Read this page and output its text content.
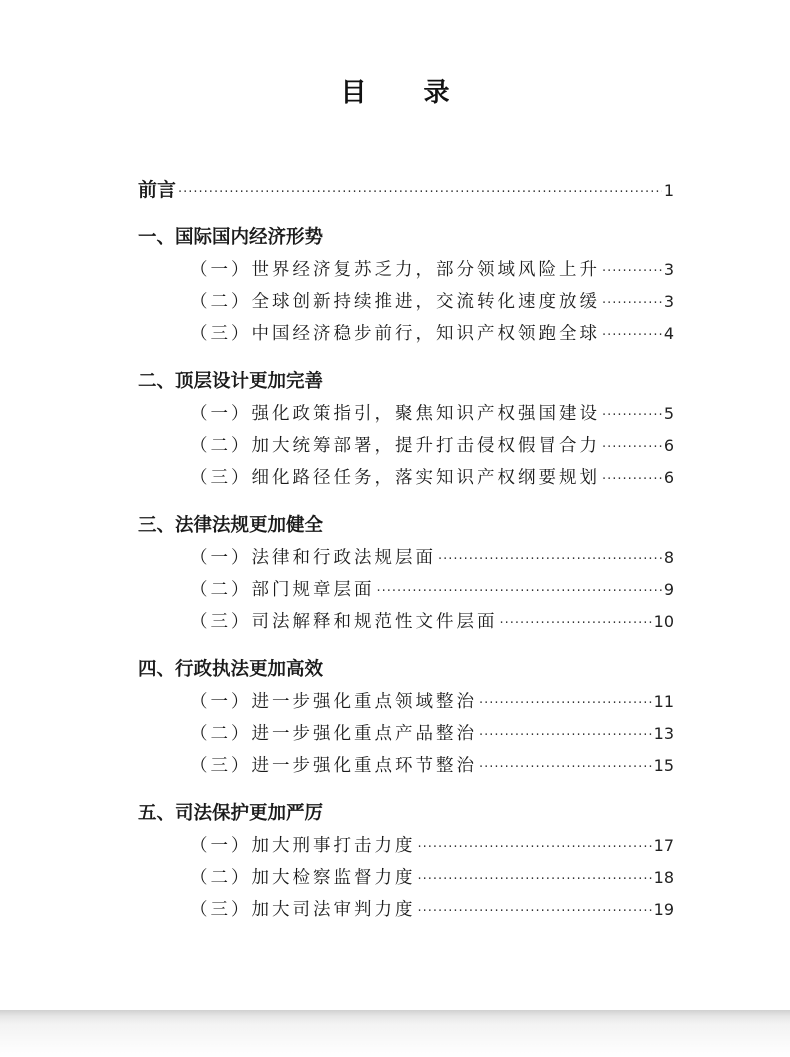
目 录
前言 ·····	1
一、国际国内经济形势
（一）世界经济复苏乏力，部分领域风险上升 ·····	3
（二）全球创新持续推进，交流转化速度放缓 ·····	3
（三）中国经济稳步前行，知识产权领跑全球 ·····	4
二、顶层设计更加完善
（一）强化政策指引，聚焦知识产权强国建设 ·····	5
（二）加大统筹部署，提升打击侵权假冒合力 ·····	6
（三）细化路径任务，落实知识产权纲要规划 ·····	6
三、法律法规更加健全
（一）法律和行政法规层面 ·····	8
（二）部门规章层面 ·····	9
（三）司法解释和规范性文件层面 ·····	10
四、行政执法更加高效
（一）进一步强化重点领域整治 ·····	11
（二）进一步强化重点产品整治 ·····	13
（三）进一步强化重点环节整治 ·····	15
五、司法保护更加严厉
（一）加大刑事打击力度 ·····	17
（二）加大检察监督力度 ·····	18
（三）加大司法审判力度 ·····	19
